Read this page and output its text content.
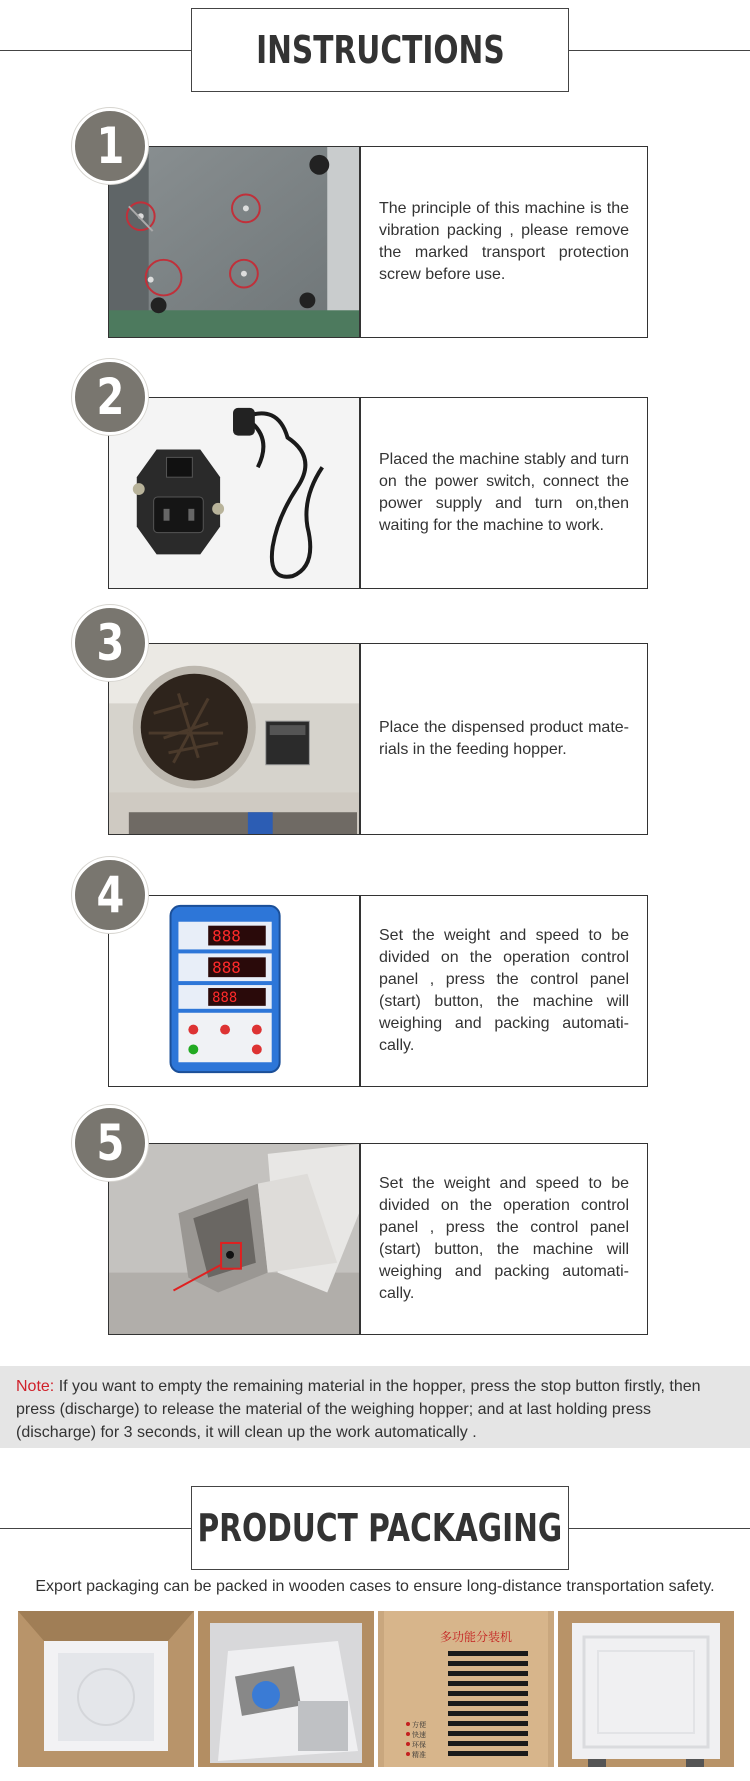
INSTRUCTIONS

The principle of this machine is the vibration packing , please remove the marked transport protection screw before use.

1

Placed the machine stably and turn on the power switch, connect the power supply and turn on,then waiting for the machine to work.

2

Place the dispensed product mate-rials in the feeding hopper.

3
888
888
888

Set the weight and speed to be divided on the operation control panel , press the control panel (start) button, the machine will weighing and packing automati-cally.

4

Set the weight and speed to be divided on the operation control panel , press the control panel (start) button, the machine will weighing and packing automati-cally.

5
Note: If you want to empty the remaining material in the hopper, press the stop button firstly, then press (discharge) to release the material of the weighing hopper; and at last holding press (discharge) for 3 seconds, it will clean up the work automatically .
PRODUCT PACKAGING
Export packaging can be packed in wooden cases to ensure long-distance transportation safety.
多功能分装机
方便
快速
环保
精准
